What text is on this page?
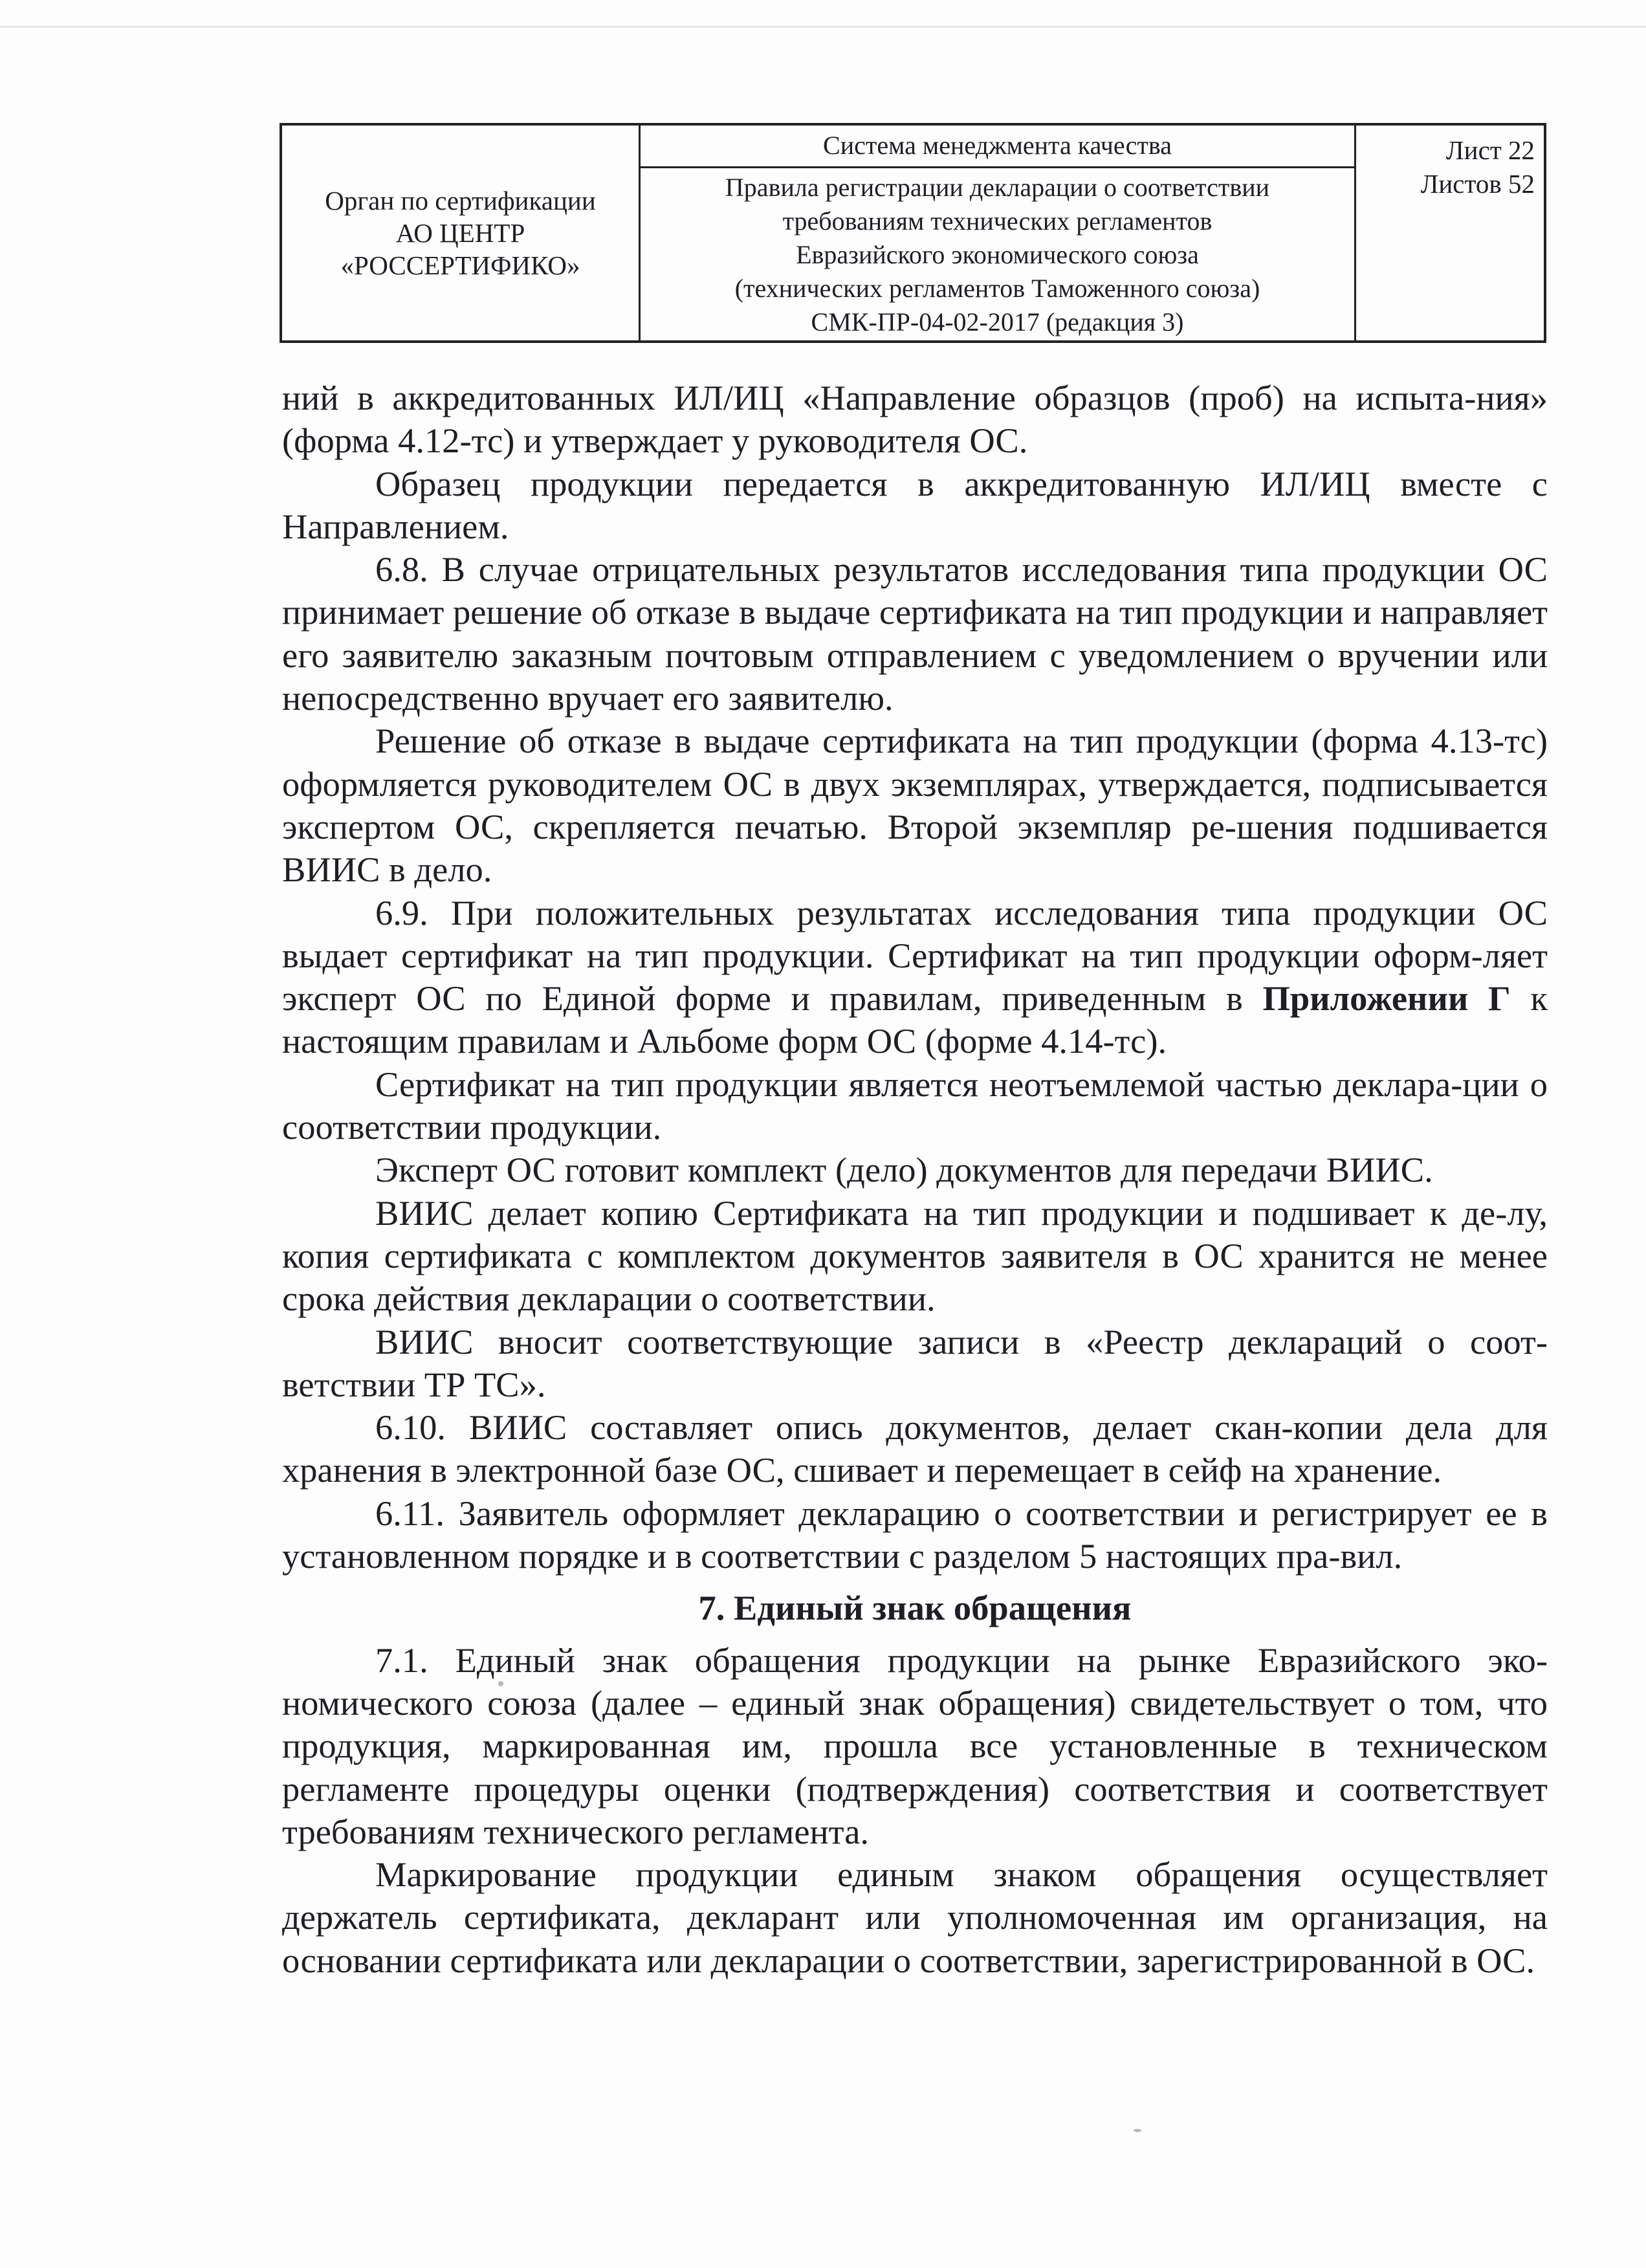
Орган по сертификации
АО ЦЕНТР
«РОССЕРТИФИКО»
Система менеджмента качества
Правила регистрации декларации о соответствии
требованиям технических регламентов
Евразийского экономического союза
(технических регламентов Таможенного союза)
СМК-ПР-04-02-2017 (редакция 3)
Лист 22
Листов 52

ний в аккредитованных ИЛ/ИЦ «Направление образцов (проб) на испыта-ния» (форма 4.12-тс) и утверждает у руководителя ОС.

Образец продукции передается в аккредитованную ИЛ/ИЦ вместе с Направлением.

6.8. В случае отрицательных результатов исследования типа продукции ОС принимает решение об отказе в выдаче сертификата на тип продукции и направляет его заявителю заказным почтовым отправлением с уведомлением о вручении или непосредственно вручает его заявителю.

Решение об отказе в выдаче сертификата на тип продукции (форма 4.13-тс) оформляется руководителем ОС в двух экземплярах, утверждается, подписывается экспертом ОС, скрепляется печатью. Второй экземпляр ре-шения подшивается ВИИС в дело.

6.9. При положительных результатах исследования типа продукции ОС выдает сертификат на тип продукции. Сертификат на тип продукции оформ-ляет эксперт ОС по Единой форме и правилам, приведенным в Приложении Г к настоящим правилам и Альбоме форм ОС (форме 4.14-тс).

Сертификат на тип продукции является неотъемлемой частью деклара-ции о соответствии продукции.

Эксперт ОС готовит комплект (дело) документов для передачи ВИИС.

ВИИС делает копию Сертификата на тип продукции и подшивает к де-лу, копия сертификата с комплектом документов заявителя в ОС хранится не менее срока действия декларации о соответствии.

ВИИС вносит соответствующие записи в «Реестр деклараций о соот-ветствии ТР ТС».

6.10. ВИИС составляет опись документов, делает скан-копии дела для хранения в электронной базе ОС, сшивает и перемещает в сейф на хранение.

6.11. Заявитель оформляет декларацию о соответствии и регистрирует ее в установленном порядке и в соответствии с разделом 5 настоящих пра-вил.

7. Единый знак обращения

7.1. Единый знак обращения продукции на рынке Евразийского эко-номического союза (далее – единый знак обращения) свидетельствует о том, что продукция, маркированная им, прошла все установленные в техническом регламенте процедуры оценки (подтверждения) соответствия и соответствует требованиям технического регламента.

Маркирование продукции единым знаком обращения осуществляет держатель сертификата, декларант или уполномоченная им организация, на основании сертификата или декларации о соответствии, зарегистрированной в ОС.
